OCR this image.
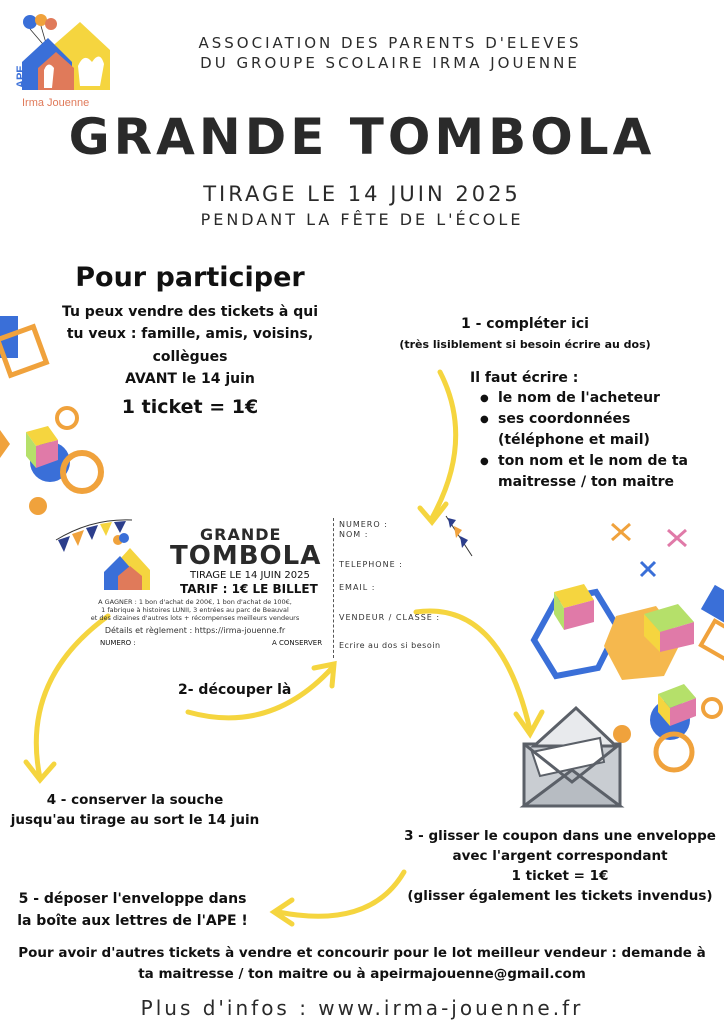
APE
Irma Jouenne
ASSOCIATION DES PARENTS D'ELEVES
DU GROUPE SCOLAIRE IRMA JOUENNE
GRANDE TOMBOLA
TIRAGE LE 14 JUIN 2025
PENDANT LA FÊTE DE L'ÉCOLE
Pour participer
Tu peux vendre des tickets à qui
tu veux : famille, amis, voisins,
collègues
AVANT le 14 juin
1 ticket = 1€
1 - compléter ici
(très lisiblement si besoin écrire au dos)
Il faut écrire :
● le nom de l'acheteur
● ses coordonnées (téléphone et mail)
● ton nom et le nom de ta maitresse / ton maitre
GRANDE
TOMBOLA
TIRAGE LE 14 JUIN 2025
TARIF : 1€ LE BILLET
A GAGNER : 1 bon d'achat de 200€, 1 bon d'achat de 100€,
1 fabrique à histoires LUNII, 3 entrées au parc de Beauval
et des dizaines d'autres lots + récompenses meilleurs vendeurs
Détails et règlement : https://irma-jouenne.fr
NUMERO :	A CONSERVER
NUMERO :
NOM :
TELEPHONE :
EMAIL :
VENDEUR / CLASSE :
Ecrire au dos si besoin
2- découper là
4 - conserver la souche
jusqu'au tirage au sort le 14 juin
3 - glisser le coupon dans une enveloppe
avec l'argent correspondant
1 ticket = 1€
(glisser également les tickets invendus)
5 - déposer l'enveloppe dans
la boîte aux lettres de l'APE !
Pour avoir d'autres tickets à vendre et concourir pour le lot meilleur vendeur : demande à
ta maitresse / ton maitre ou à apeirmajouenne@gmail.com
Plus d'infos : www.irma-jouenne.fr
